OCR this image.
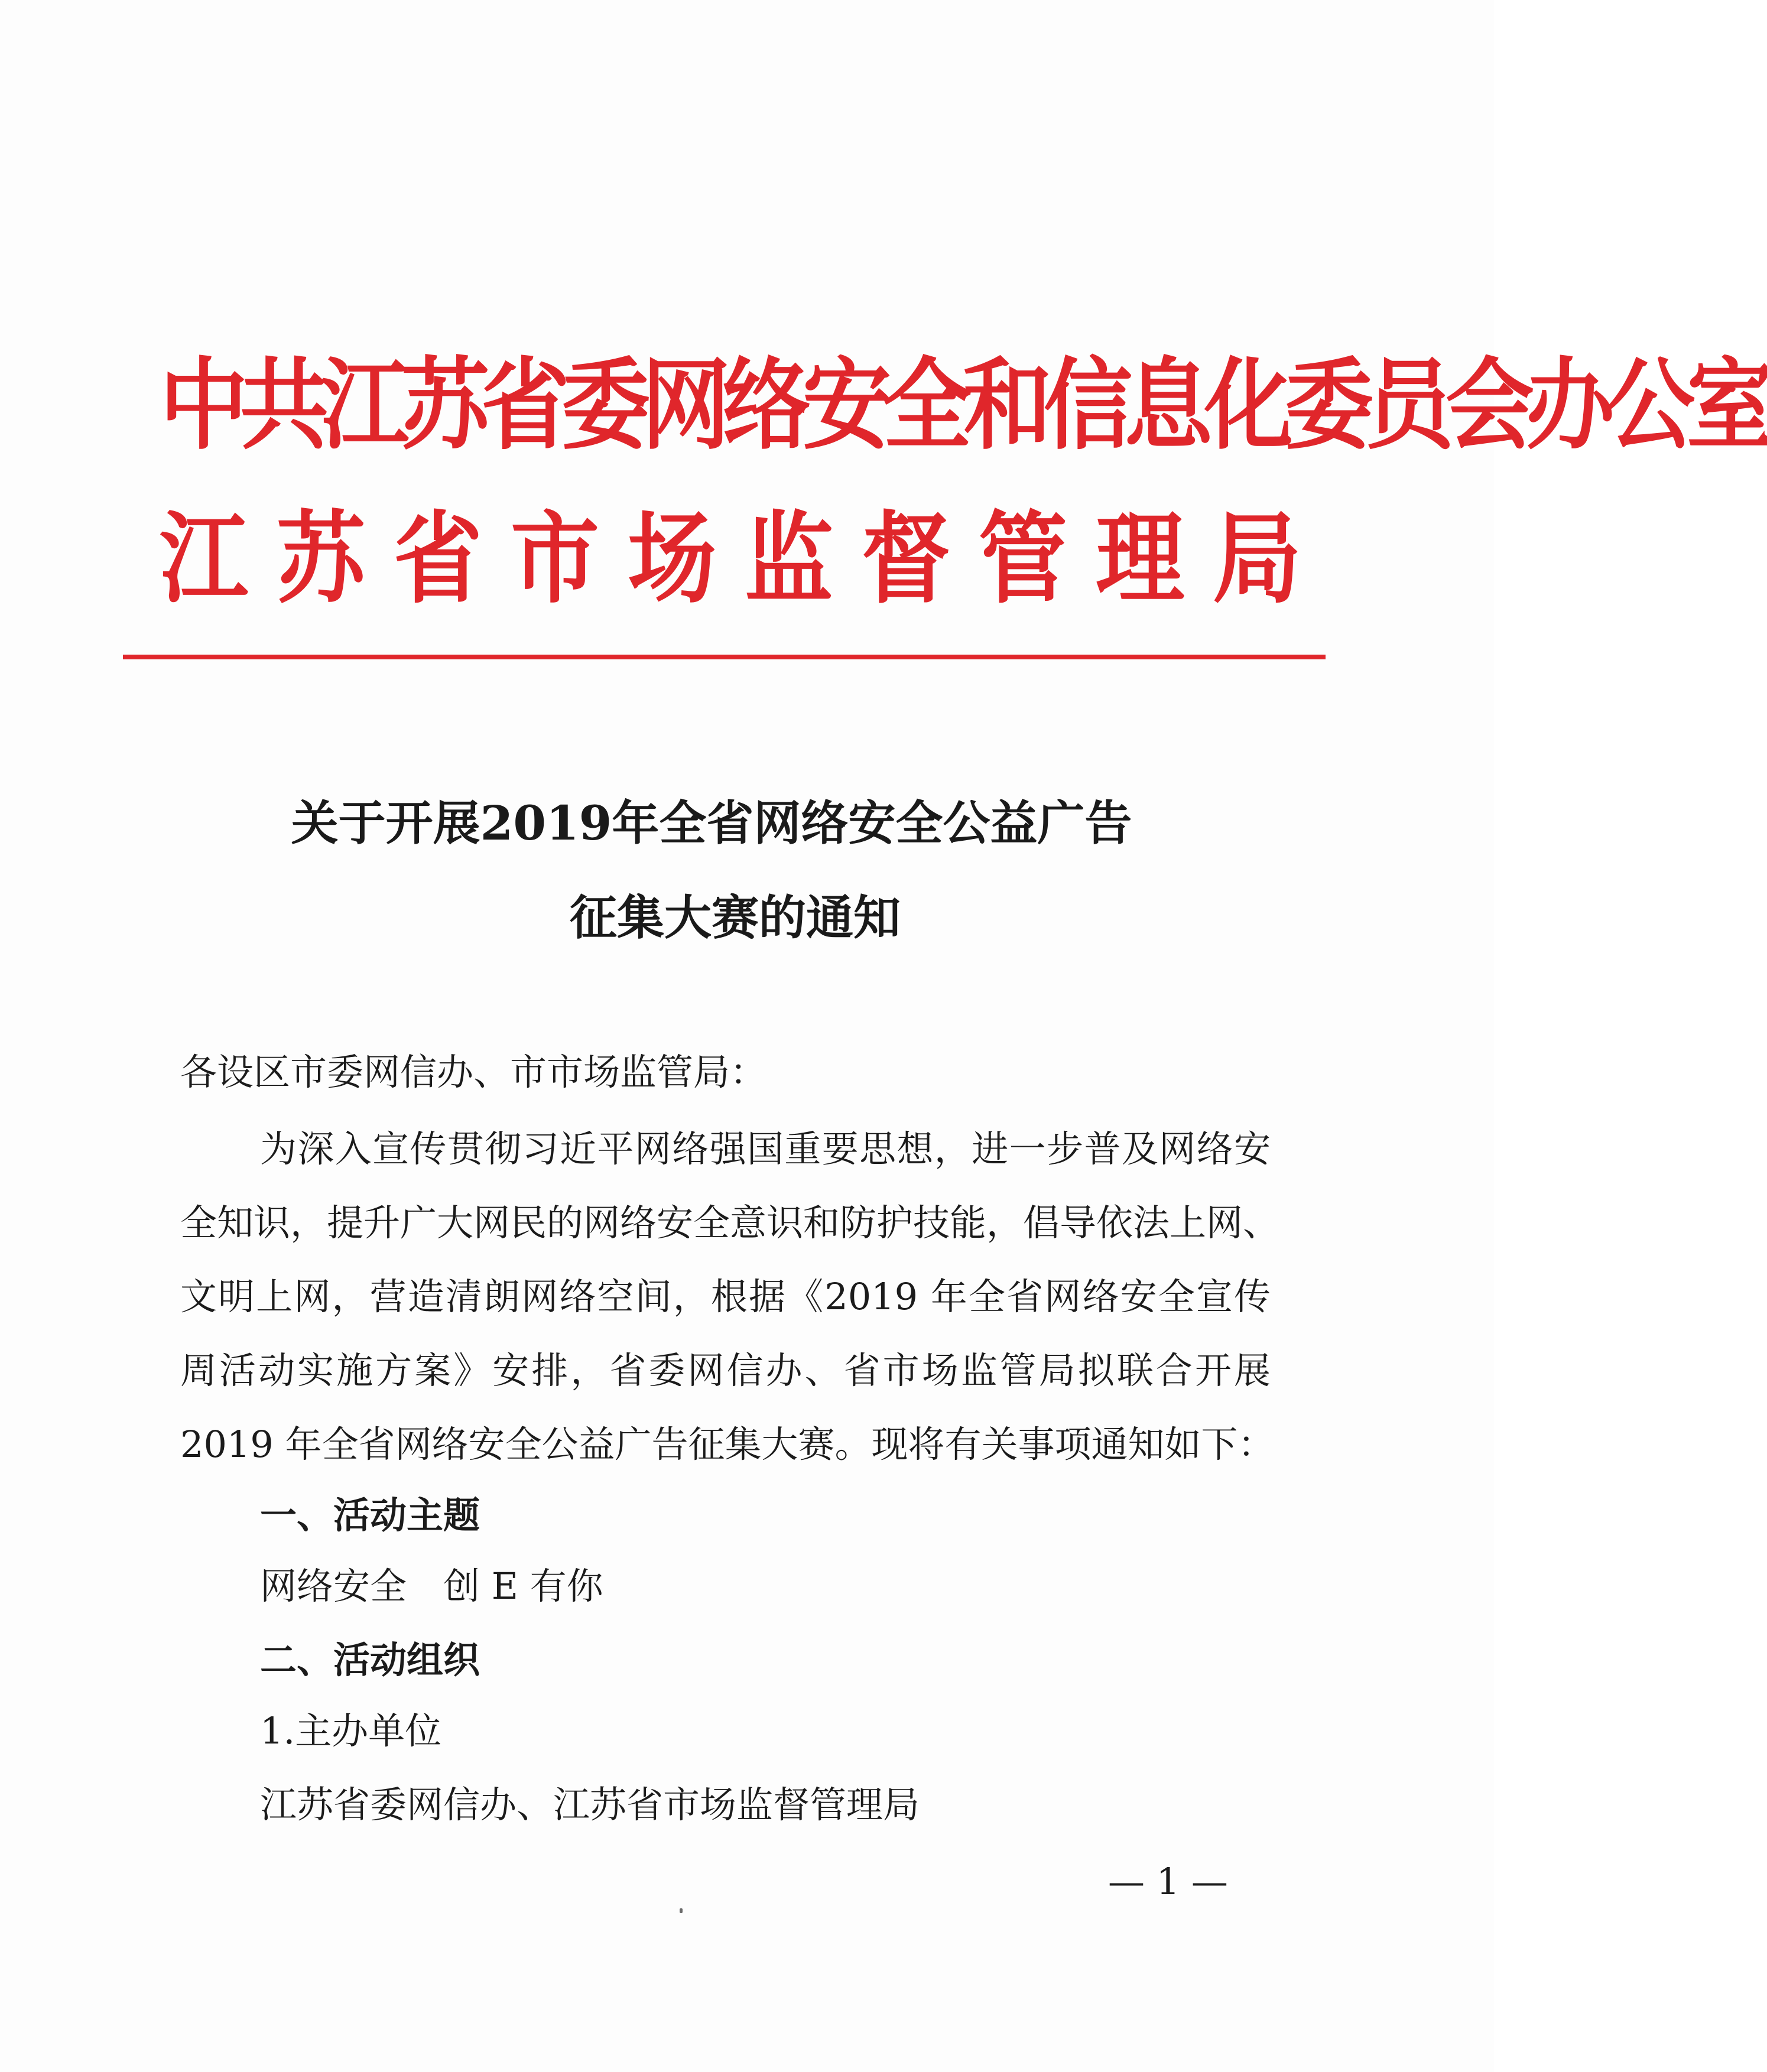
中共江苏省委网络安全和信息化委员会办公室
江苏省市场监督管理局
关于开展2019年全省网络安全公益广告
征集大赛的通知
各设区市委网信办、市市场监管局：
为深入宣传贯彻习近平网络强国重要思想，进一步普及网络安
全知识，提升广大网民的网络安全意识和防护技能，倡导依法上网、
文明上网，营造清朗网络空间，根据《2019 年全省网络安全宣传
周活动实施方案》安排，省委网信办、省市场监管局拟联合开展
2019 年全省网络安全公益广告征集大赛。现将有关事项通知如下：
一、活动主题
网络安全　创 E 有你
二、活动组织
1.主办单位
江苏省委网信办、江苏省市场监督管理局
— 1 —
